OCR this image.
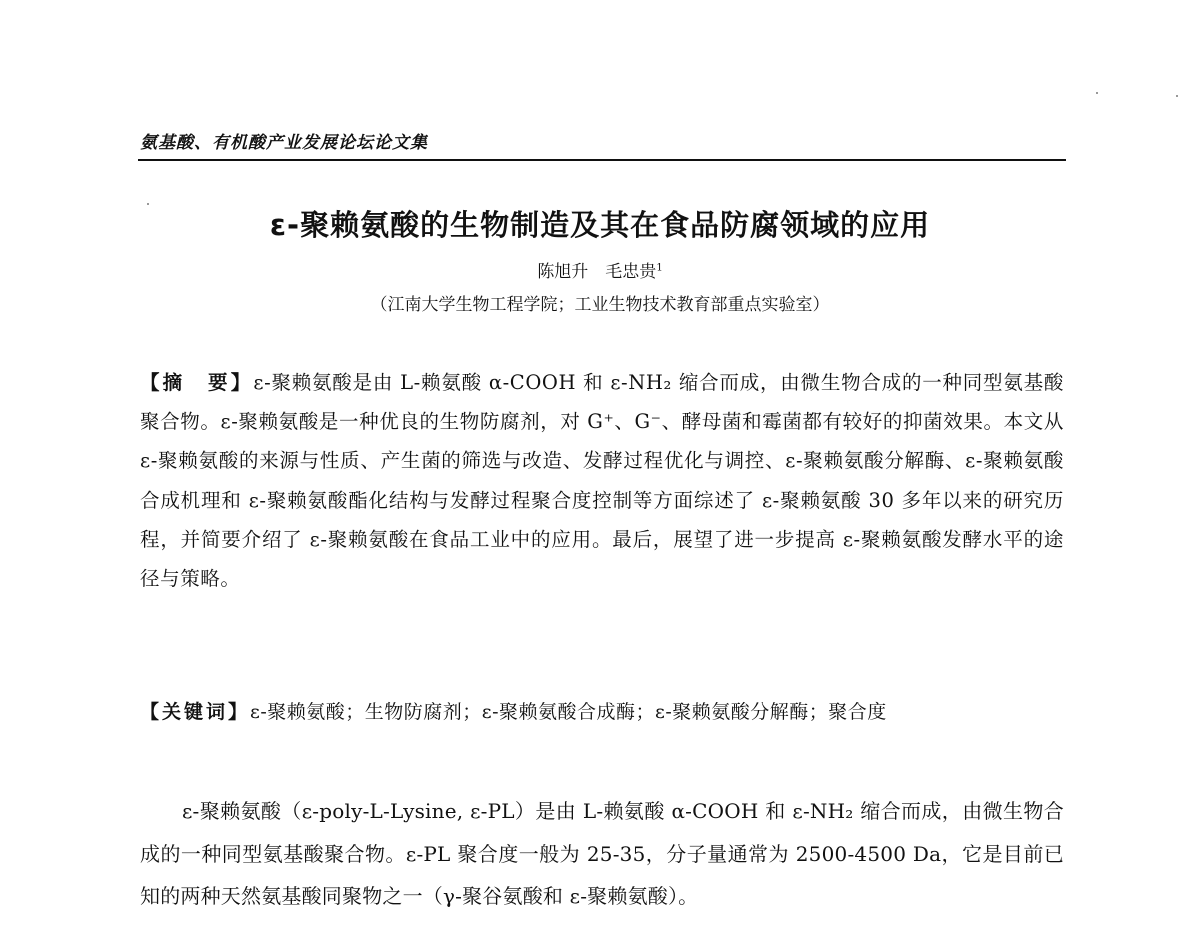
氨基酸、有机酸产业发展论坛论文集
ε-聚赖氨酸的生物制造及其在食品防腐领域的应用
陈旭升　毛忠贵$^1$
（江南大学生物工程学院；工业生物技术教育部重点实验室）
【摘　要】ε-聚赖氨酸是由 L-赖氨酸 α-COOH 和 ε-NH₂ 缩合而成，由微生物合成的一种同型氨基酸聚合物。ε-聚赖氨酸是一种优良的生物防腐剂，对 G⁺、G⁻、酵母菌和霉菌都有较好的抑菌效果。本文从 ε-聚赖氨酸的来源与性质、产生菌的筛选与改造、发酵过程优化与调控、ε-聚赖氨酸分解酶、ε-聚赖氨酸合成机理和 ε-聚赖氨酸酯化结构与发酵过程聚合度控制等方面综述了 ε-聚赖氨酸 30 多年以来的研究历程，并简要介绍了 ε-聚赖氨酸在食品工业中的应用。最后，展望了进一步提高 ε-聚赖氨酸发酵水平的途径与策略。
【关键词】ε-聚赖氨酸；生物防腐剂；ε-聚赖氨酸合成酶；ε-聚赖氨酸分解酶；聚合度
ε-聚赖氨酸（ε-poly-L-Lysine, ε-PL）是由 L-赖氨酸 α-COOH 和 ε-NH₂ 缩合而成，由微生物合成的一种同型氨基酸聚合物。ε-PL 聚合度一般为 25-35，分子量通常为 2500-4500 Da，它是目前已知的两种天然氨基酸同聚物之一（γ-聚谷氨酸和 ε-聚赖氨酸）。
